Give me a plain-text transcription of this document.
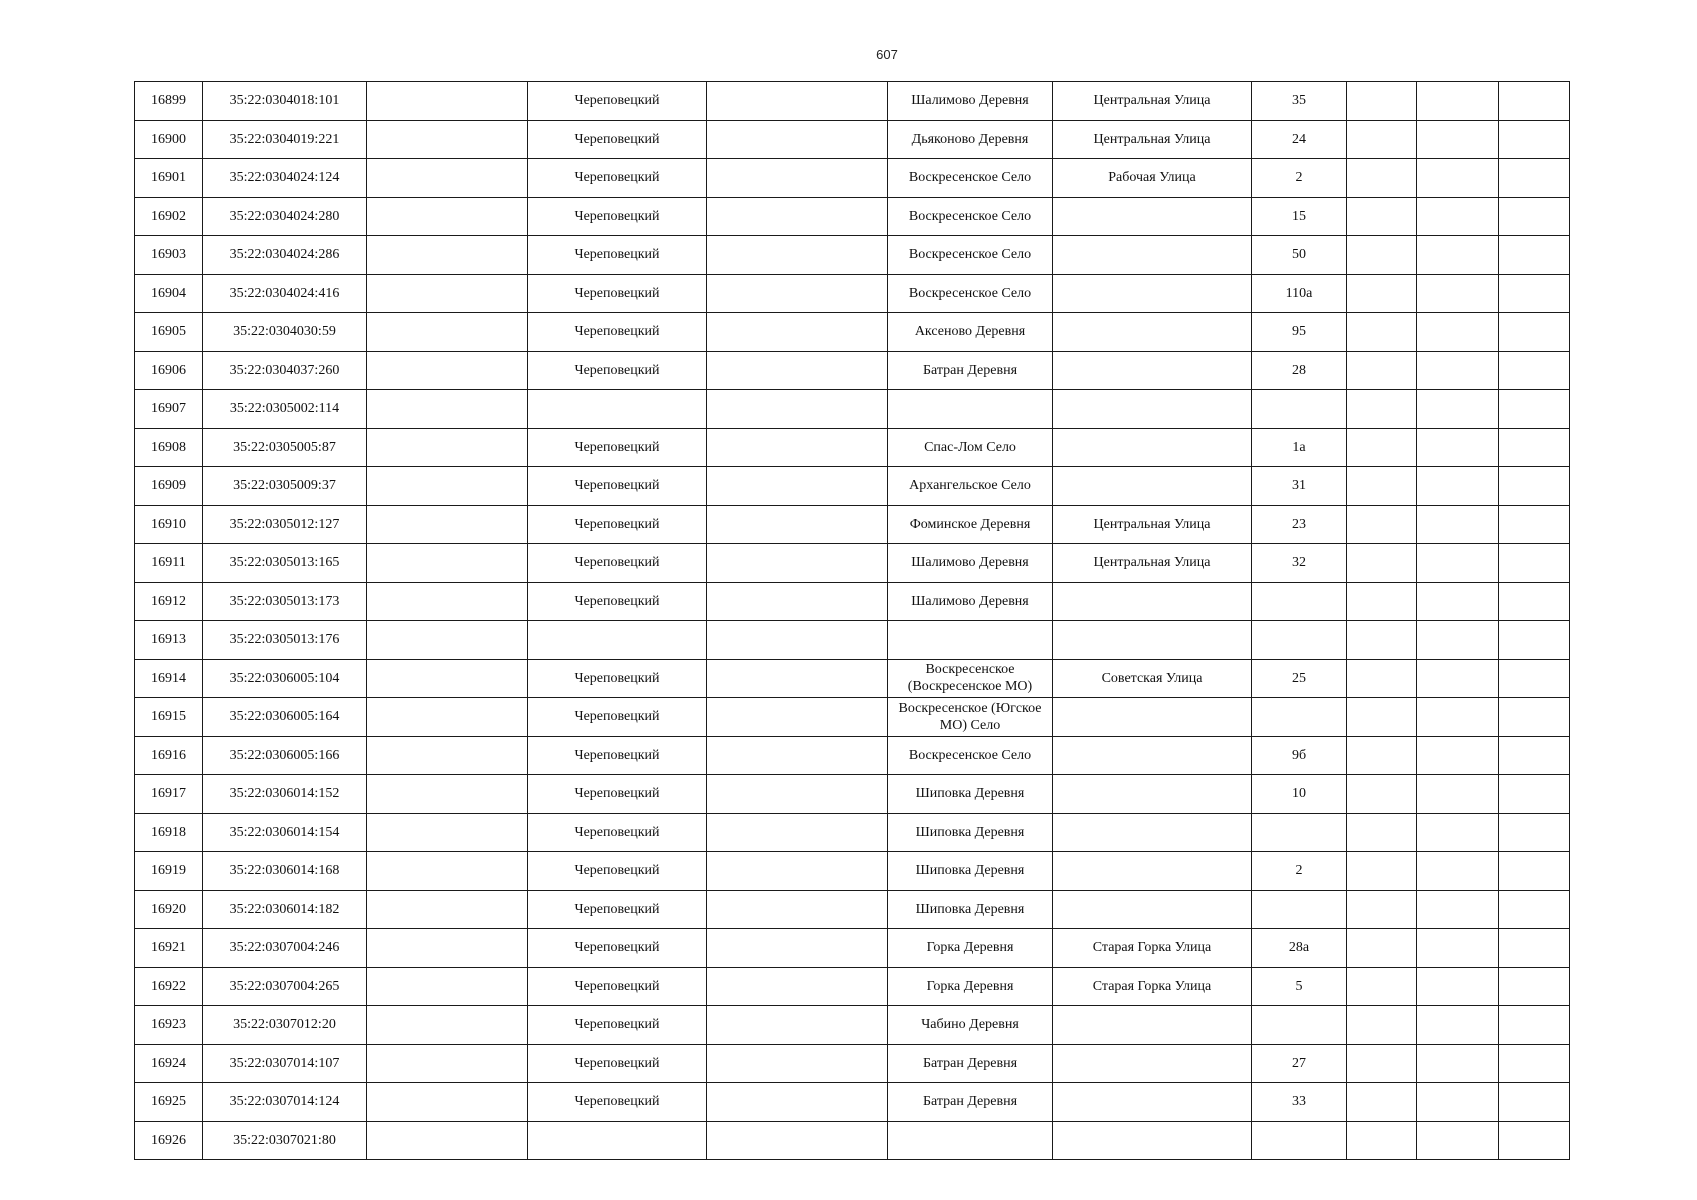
607
16899	35:22:0304018:101		Череповецкий		Шалимово Деревня	Центральная Улица	35			
16900	35:22:0304019:221		Череповецкий		Дьяконово Деревня	Центральная Улица	24			
16901	35:22:0304024:124		Череповецкий		Воскресенское Село	Рабочая Улица	2			
16902	35:22:0304024:280		Череповецкий		Воскресенское Село		15			
16903	35:22:0304024:286		Череповецкий		Воскресенское Село		50			
16904	35:22:0304024:416		Череповецкий		Воскресенское Село		110а			
16905	35:22:0304030:59		Череповецкий		Аксеново Деревня		95			
16906	35:22:0304037:260		Череповецкий		Батран Деревня		28			
16907	35:22:0305002:114									
16908	35:22:0305005:87		Череповецкий		Спас-Лом Село		1а			
16909	35:22:0305009:37		Череповецкий		Архангельское Село		31			
16910	35:22:0305012:127		Череповецкий		Фоминское Деревня	Центральная Улица	23			
16911	35:22:0305013:165		Череповецкий		Шалимово Деревня	Центральная Улица	32			
16912	35:22:0305013:173		Череповецкий		Шалимово Деревня					
16913	35:22:0305013:176									
16914	35:22:0306005:104		Череповецкий		Воскресенское (Воскресенское МО)	Советская Улица	25			
16915	35:22:0306005:164		Череповецкий		Воскресенское (Югское МО) Село					
16916	35:22:0306005:166		Череповецкий		Воскресенское Село		9б			
16917	35:22:0306014:152		Череповецкий		Шиповка Деревня		10			
16918	35:22:0306014:154		Череповецкий		Шиповка Деревня					
16919	35:22:0306014:168		Череповецкий		Шиповка Деревня		2			
16920	35:22:0306014:182		Череповецкий		Шиповка Деревня					
16921	35:22:0307004:246		Череповецкий		Горка Деревня	Старая Горка Улица	28а			
16922	35:22:0307004:265		Череповецкий		Горка Деревня	Старая Горка Улица	5			
16923	35:22:0307012:20		Череповецкий		Чабино Деревня					
16924	35:22:0307014:107		Череповецкий		Батран Деревня		27			
16925	35:22:0307014:124		Череповецкий		Батран Деревня		33			
16926	35:22:0307021:80									
